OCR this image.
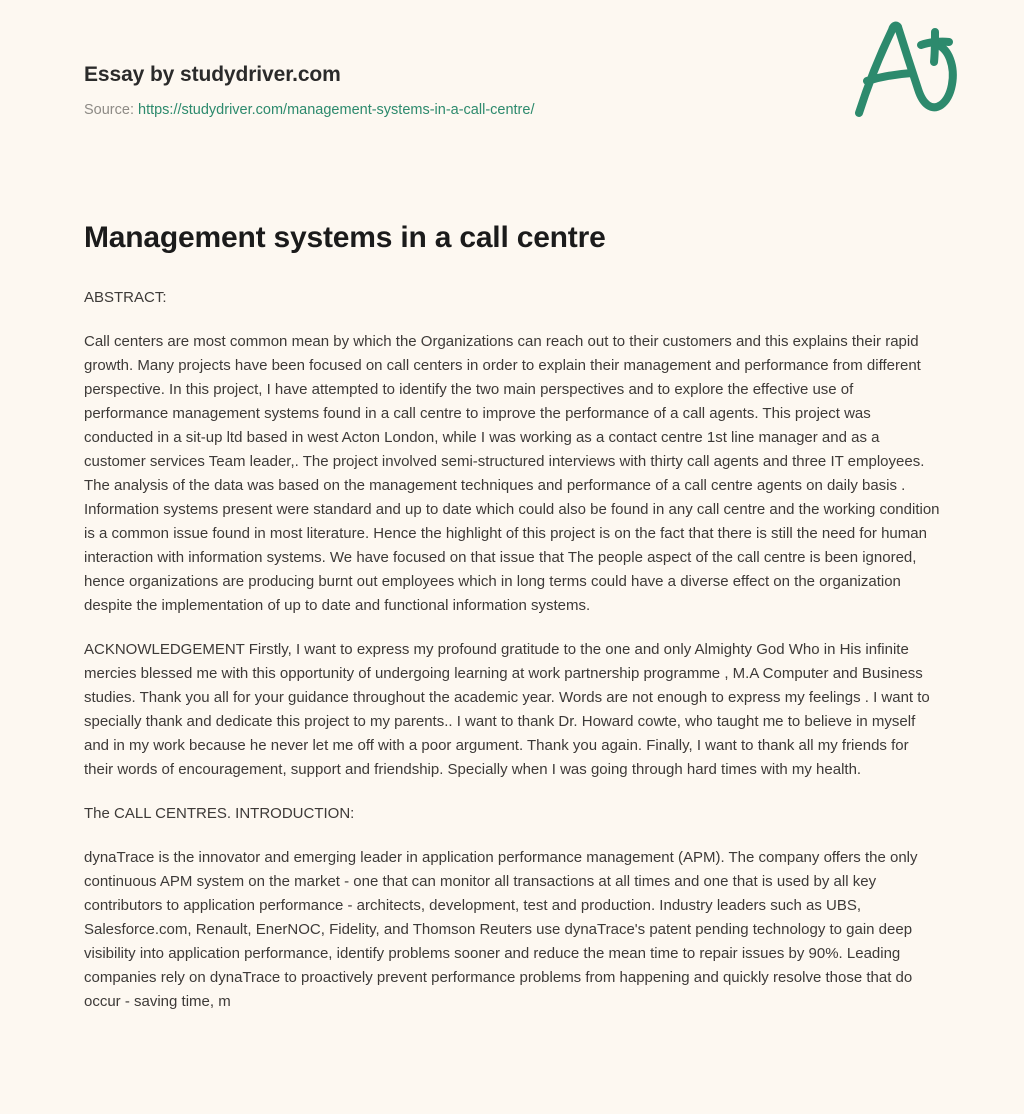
Essay by studydriver.com
Source: https://studydriver.com/management-systems-in-a-call-centre/
Management systems in a call centre

ABSTRACT:

Call centers are most common mean by which the Organizations can reach out to their customers and this explains their rapid growth. Many projects have been focused on call centers in order to explain their management and performance from different perspective. In this project, I have attempted to identify the two main perspectives and to explore the effective use of performance management systems found in a call centre to improve the performance of a call agents. This project was conducted in a sit-up ltd based in west Acton London, while I was working as a contact centre 1st line manager and as a customer services Team leader,. The project involved semi-structured interviews with thirty call agents and three IT employees. The analysis of the data was based on the management techniques and performance of a call centre agents on daily basis . Information systems present were standard and up to date which could also be found in any call centre and the working condition is a common issue found in most literature. Hence the highlight of this project is on the fact that there is still the need for human interaction with information systems. We have focused on that issue that The people aspect of the call centre is been ignored, hence organizations are producing burnt out employees which in long terms could have a diverse effect on the organization despite the implementation of up to date and functional information systems.

ACKNOWLEDGEMENT Firstly, I want to express my profound gratitude to the one and only Almighty God Who in His infinite mercies blessed me with this opportunity of undergoing learning at work partnership programme , M.A Computer and Business studies. Thank you all for your guidance throughout the academic year. Words are not enough to express my feelings . I want to specially thank and dedicate this project to my parents.. I want to thank Dr. Howard cowte, who taught me to believe in myself and in my work because he never let me off with a poor argument. Thank you again. Finally, I want to thank all my friends for their words of encouragement, support and friendship. Specially when I was going through hard times with my health.

The CALL CENTRES. INTRODUCTION:

dynaTrace is the innovator and emerging leader in application performance management (APM). The company offers the only continuous APM system on the market - one that can monitor all transactions at all times and one that is used by all key contributors to application performance - architects, development, test and production. Industry leaders such as UBS, Salesforce.com, Renault, EnerNOC, Fidelity, and Thomson Reuters use dynaTrace's patent pending technology to gain deep visibility into application performance, identify problems sooner and reduce the mean time to repair issues by 90%. Leading companies rely on dynaTrace to proactively prevent performance problems from happening and quickly resolve those that do occur - saving time, m
